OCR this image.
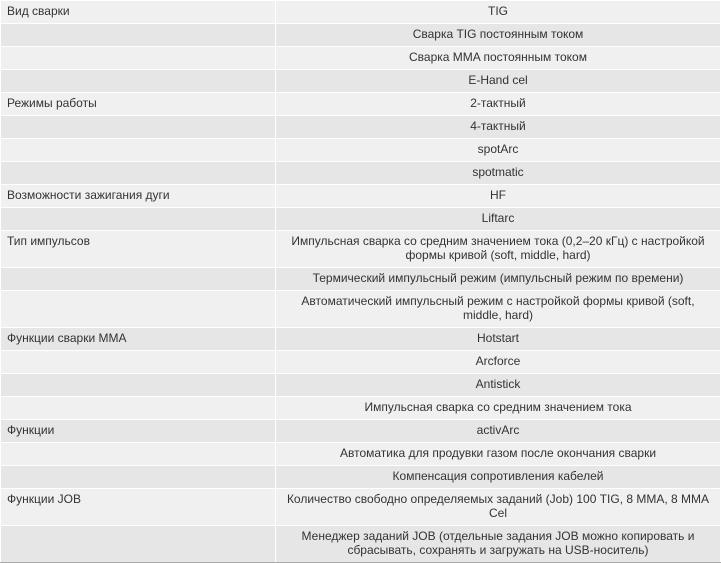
Вид сварки	TIG
	Сварка TIG постоянным током
	Сварка MMA постоянным током
	E-Hand cel
Режимы работы	2-тактный
	4-тактный
	spotArc
	spotmatic
Возможности зажигания дуги	HF
	Liftarc
Тип импульсов	Импульсная сварка со средним значением тока (0,2–20 кГц) с настройкой формы кривой (soft, middle, hard)
	Термический импульсный режим (импульсный режим по времени)
	Автоматический импульсный режим с настройкой формы кривой (soft, middle, hard)
Функции сварки MMA	Hotstart
	Arcforce
	Antistick
	Импульсная сварка со средним значением тока
Функции	activArc
	Автоматика для продувки газом после окончания сварки
	Компенсация сопротивления кабелей
Функции JOB	Количество свободно определяемых заданий (Job) 100 TIG, 8 MMA, 8 MMA Cel
	Менеджер заданий JOB (отдельные задания JOB можно копировать и сбрасывать, сохранять и загружать на USB-носитель)
